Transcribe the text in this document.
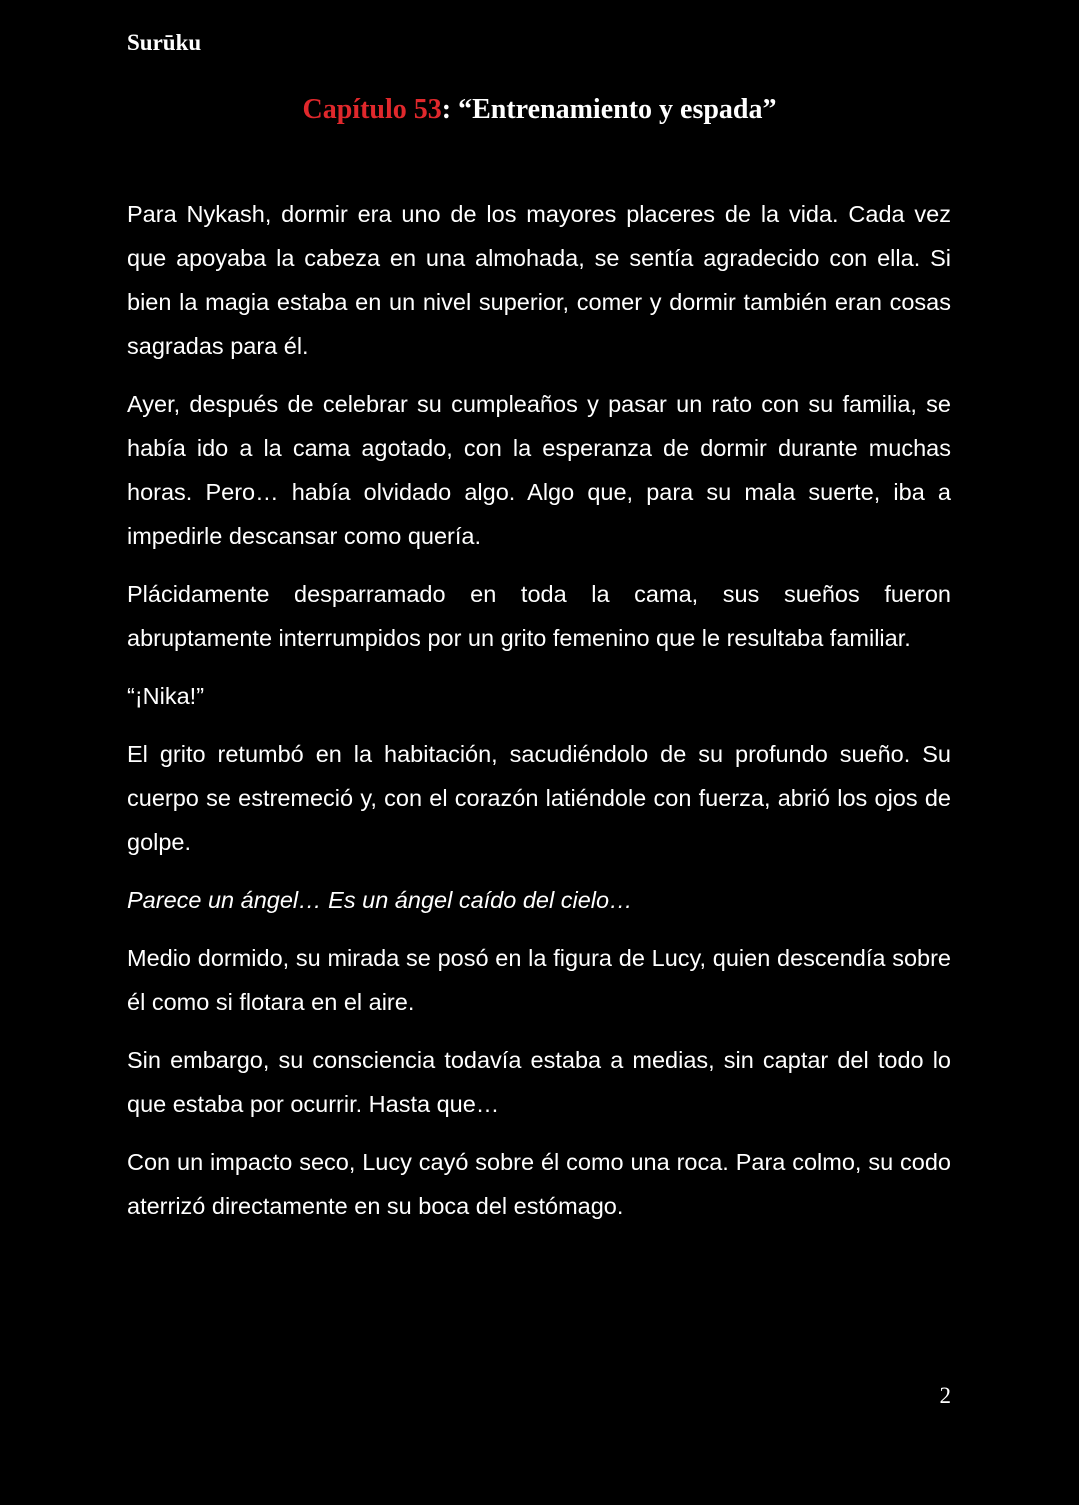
Surūku
Capítulo 53: “Entrenamiento y espada”

Para Nykash, dormir era uno de los mayores placeres de la vida. Cada vez que apoyaba la cabeza en una almohada, se sentía agradecido con ella. Si bien la magia estaba en un nivel superior, comer y dormir también eran cosas sagradas para él.

Ayer, después de celebrar su cumpleaños y pasar un rato con su familia, se había ido a la cama agotado, con la esperanza de dormir durante muchas horas. Pero… había olvidado algo. Algo que, para su mala suerte, iba a impedirle descansar como quería.

Plácidamente desparramado en toda la cama, sus sueños fueron abruptamente interrumpidos por un grito femenino que le resultaba familiar.

“¡Nika!”

El grito retumbó en la habitación, sacudiéndolo de su profundo sueño. Su cuerpo se estremeció y, con el corazón latiéndole con fuerza, abrió los ojos de golpe.

Parece un ángel… Es un ángel caído del cielo…

Medio dormido, su mirada se posó en la figura de Lucy, quien descendía sobre él como si flotara en el aire.

Sin embargo, su consciencia todavía estaba a medias, sin captar del todo lo que estaba por ocurrir. Hasta que…

Con un impacto seco, Lucy cayó sobre él como una roca. Para colmo, su codo aterrizó directamente en su boca del estómago.

2
